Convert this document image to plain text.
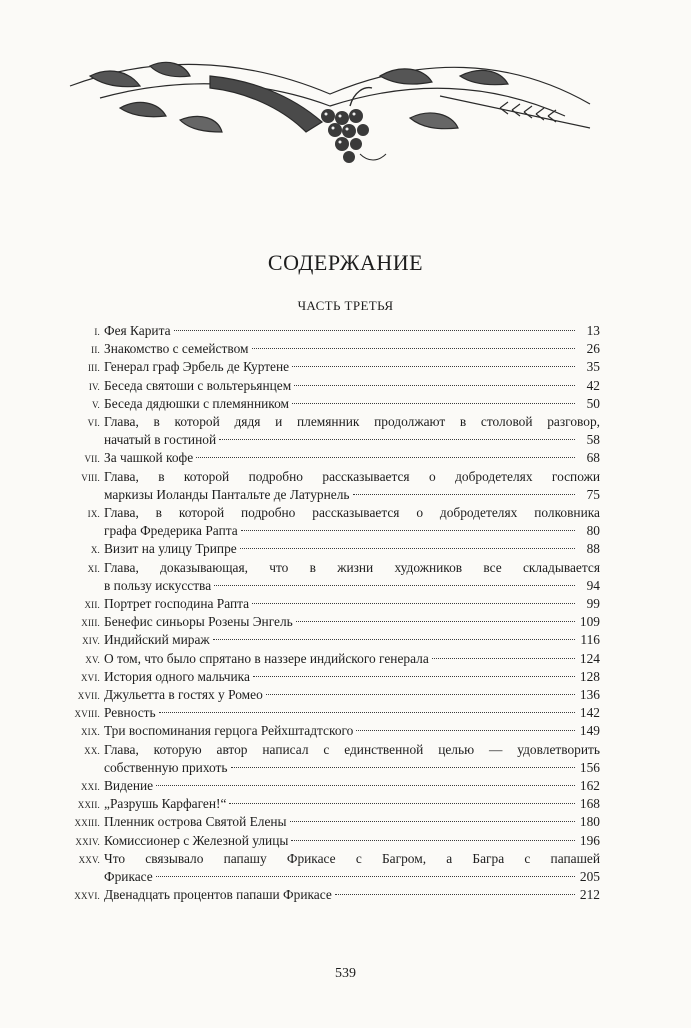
СОДЕРЖАНИЕ
ЧАСТЬ ТРЕТЬЯ
I. Фея Карита	13
II. Знакомство с семейством	26
III. Генерал граф Эрбель де Куртене	35
IV. Беседа святоши с вольтерьянцем	42
V. Беседа дядюшки с племянником	50
VI. Глава, в которой дядя и племянник продолжают в столовой разговор,
начатый в гостиной	58
VII. За чашкой кофе	68
VIII. Глава, в которой подробно рассказывается о добродетелях госпожи
маркизы Иоланды Пантальте де Латурнель	75
IX. Глава, в которой подробно рассказывается о добродетелях полковника
графа Фредерика Рапта	80
X. Визит на улицу Трипре	88
XI. Глава, доказывающая, что в жизни художников все складывается
в пользу искусства	94
XII. Портрет господина Рапта	99
XIII. Бенефис синьоры Розены Энгель	109
XIV. Индийский мираж	116
XV. О том, что было спрятано в наззере индийского генерала	124
XVI. История одного мальчика	128
XVII. Джульетта в гостях у Ромео	136
XVIII. Ревность	142
XIX. Три воспоминания герцога Рейхштадтского	149
XX. Глава, которую автор написал с единственной целью — удовлетворить
собственную прихоть	156
XXI. Видение	162
XXII. „Разрушь Карфаген!“	168
XXIII. Пленник острова Святой Елены	180
XXIV. Комиссионер с Железной улицы	196
XXV. Что связывало папашу Фрикасе с Багром, а Багра с папашей
Фрикасе	205
XXVI. Двенадцать процентов папаши Фрикасе	212
539
